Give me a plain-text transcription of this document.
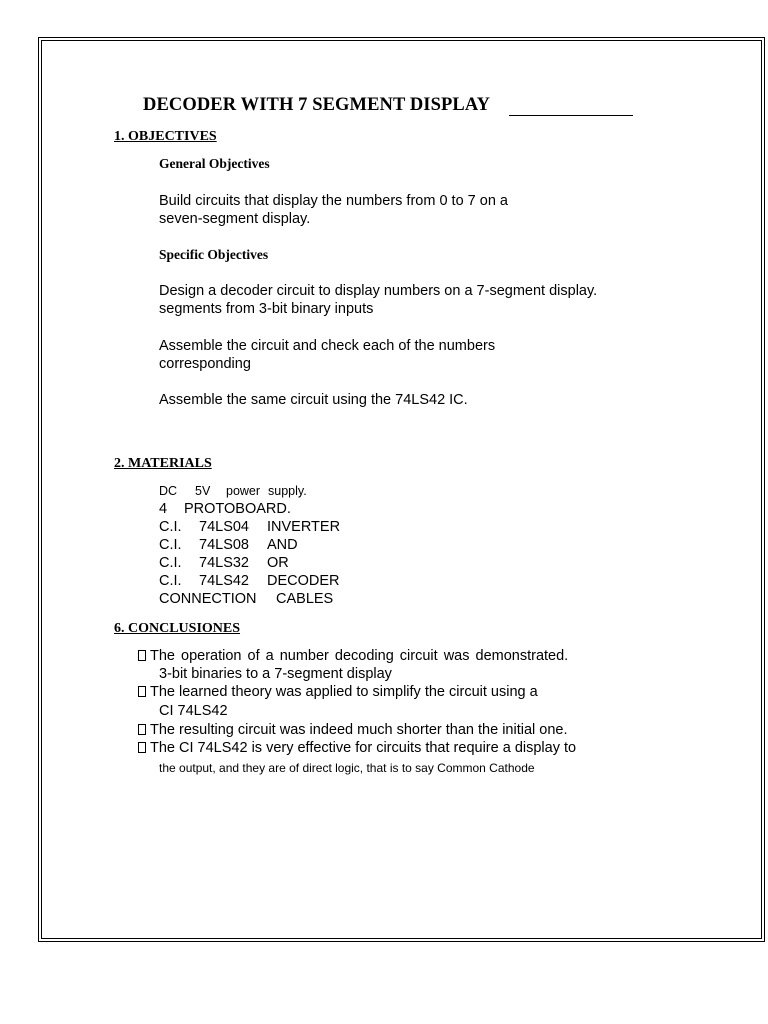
DECODER WITH 7 SEGMENT DISPLAY
1. OBJECTIVES
General Objectives
Build circuits that display the numbers from 0 to 7 on a
seven-segment display.
Specific Objectives
Design a decoder circuit to display numbers on a 7-segment display.
segments from 3-bit binary inputs
Assemble the circuit and check each of the numbers
corresponding
Assemble the same circuit using the 74LS42 IC.
2. MATERIALS
DC 5V power supply.
4 PROTOBOARD.
C.I. 74LS04 INVERTER
C.I. 74LS08 AND
C.I. 74LS32 OR
C.I. 74LS42 DECODER
CONNECTION CABLES
6. CONCLUSIONES
The operation of a number decoding circuit was demonstrated.
3-bit binaries to a 7-segment display
The learned theory was applied to simplify the circuit using a
CI 74LS42
The resulting circuit was indeed much shorter than the initial one.
The CI 74LS42 is very effective for circuits that require a display to
the output, and they are of direct logic, that is to say Common Cathode
